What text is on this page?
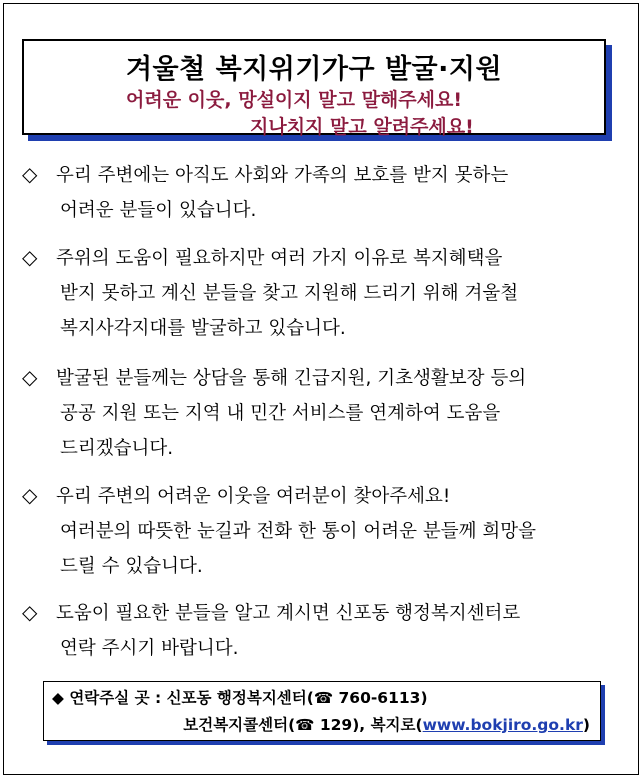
겨울철 복지위기가구 발굴·지원
어려운 이웃, 망설이지 말고 말해주세요!
지나치지 말고 알려주세요!
◇ 우리 주변에는 아직도 사회와 가족의 보호를 받지 못하는
어려운 분들이 있습니다.
◇ 주위의 도움이 필요하지만 여러 가지 이유로 복지혜택을
받지 못하고 계신 분들을 찾고 지원해 드리기 위해 겨울철
복지사각지대를 발굴하고 있습니다.
◇ 발굴된 분들께는 상담을 통해 긴급지원, 기초생활보장 등의
공공 지원 또는 지역 내 민간 서비스를 연계하여 도움을
드리겠습니다.
◇ 우리 주변의 어려운 이웃을 여러분이 찾아주세요!
여러분의 따뜻한 눈길과 전화 한 통이 어려운 분들께 희망을
드릴 수 있습니다.
◇ 도움이 필요한 분들을 알고 계시면 신포동 행정복지센터로
연락 주시기 바랍니다.
◆ 연락주실 곳 : 신포동 행정복지센터(☎ 760-6113)
보건복지콜센터(☎ 129), 복지로(www.bokjiro.go.kr)
